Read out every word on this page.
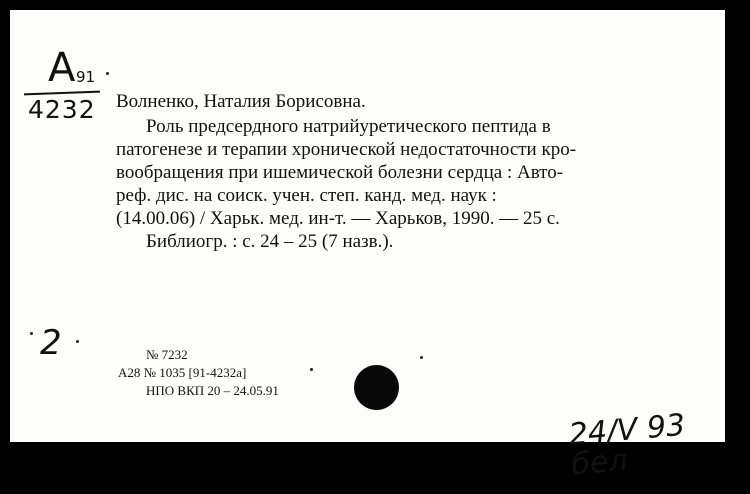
A 91
4232 Волненко, Наталия Борисовна.
Роль предсердного натрийуретического пептида в
патогенезе и терапии хронической недостаточности кро-
вообращения при ишемической болезни сердца : Авто-
реф. дис. на соиск. учен. степ. канд. мед. наук :
(14.00.06) / Харьк. мед. ин-т. — Харьков, 1990. — 25 с.
Библиогр. : с. 24 – 25 (7 назв.).
2	№ 7232
A28 № 1035 [91-4232a]
НПО ВКП 20 – 24.05.91
24/V 93 бел
